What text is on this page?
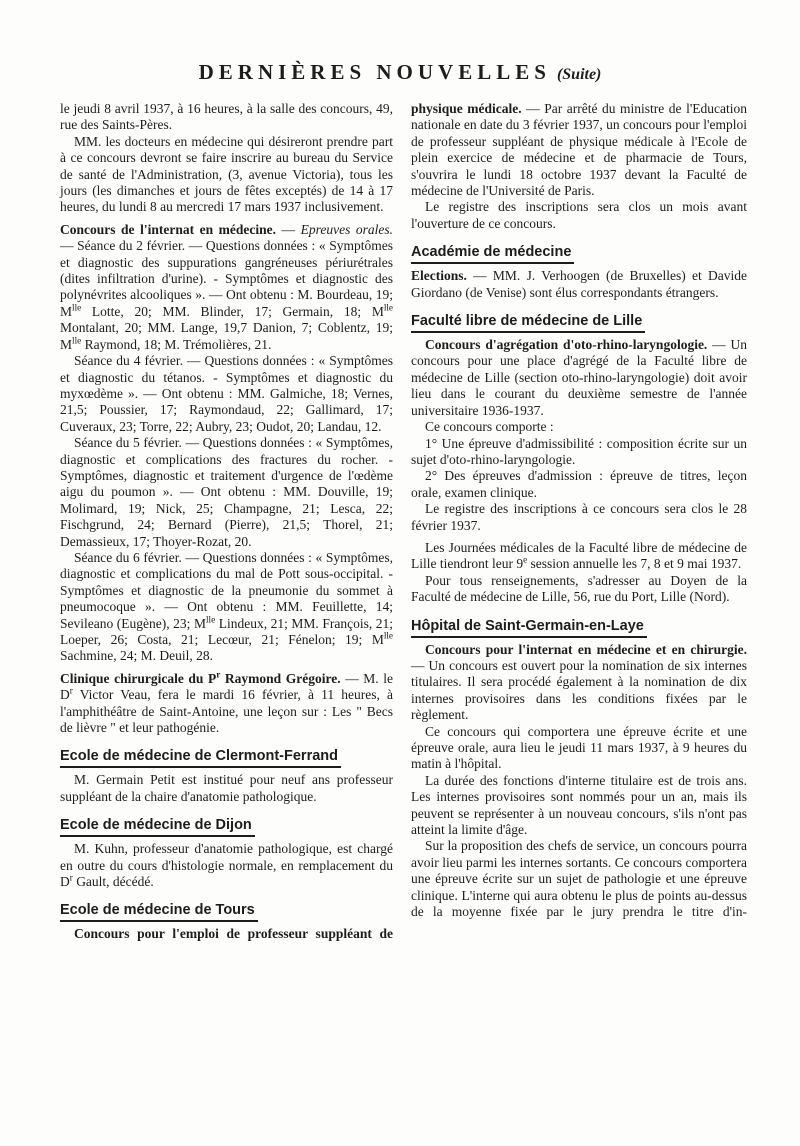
DERNIÈRES NOUVELLES (Suite)

le jeudi 8 avril 1937, à 16 heures, à la salle des concours, 49, rue des Saints-Pères.

MM. les docteurs en médecine qui désireront prendre part à ce concours devront se faire inscrire au bureau du Service de santé de l'Administration, (3, avenue Victoria), tous les jours (les dimanches et jours de fêtes exceptés) de 14 à 17 heures, du lundi 8 au mercredi 17 mars 1937 inclusivement.

Concours de l'internat en médecine. — Epreuves orales. — Séance du 2 février. — Questions données : « Symptômes et diagnostic des suppurations gangréneuses périurétrales (dites infiltration d'urine). - Symptômes et diagnostic des polynévrites alcooliques ». — Ont obtenu : M. Bourdeau, 19; $M^{lle}$ Lotte, 20; MM. Blinder, 17; Germain, 18; $M^{lle}$ Montalant, 20; MM. Lange, 19,7 Danion, 7; Coblentz, 19; $M^{lle}$ Raymond, 18; M. Trémolières, 21.

Séance du 4 février. — Questions données : « Symptômes et diagnostic du tétanos. - Symptômes et diagnostic du myxœdème ». — Ont obtenu : MM. Galmiche, 18; Vernes, 21,5; Poussier, 17; Raymondaud, 22; Gallimard, 17; Cuveraux, 23; Torre, 22; Aubry, 23; Oudot, 20; Landau, 12.

Séance du 5 février. — Questions données : « Symptômes, diagnostic et complications des fractures du rocher. - Symptômes, diagnostic et traitement d'urgence de l'œdème aigu du poumon ». — Ont obtenu : MM. Douville, 19; Molimard, 19; Nick, 25; Champagne, 21; Lesca, 22; Fischgrund, 24; Bernard (Pierre), 21,5; Thorel, 21; Demassieux, 17; Thoyer-Rozat, 20.

Séance du 6 février. — Questions données : « Symptômes, diagnostic et complications du mal de Pott sous-occipital. - Symptômes et diagnostic de la pneumonie du sommet à pneumocoque ». — Ont obtenu : MM. Feuillette, 14; Sevileano (Eugène), 23; $M^{lle}$ Lindeux, 21; MM. François, 21; Loeper, 26; Costa, 21; Lecœur, 21; Fénelon; 19; $M^{lle}$ Sachmine, 24; M. Deuil, 28.

Clinique chirurgicale du $P^r$ Raymond Grégoire. — M. le $D^r$ Victor Veau, fera le mardi 16 février, à 11 heures, à l'amphithéâtre de Saint-Antoine, une leçon sur : Les " Becs de lièvre " et leur pathogénie.

Ecole de médecine de Clermont-Ferrand

M. Germain Petit est institué pour neuf ans professeur suppléant de la chaire d'anatomie pathologique.

Ecole de médecine de Dijon

M. Kuhn, professeur d'anatomie pathologique, est chargé en outre du cours d'histologie normale, en remplacement du $D^r$ Gault, décédé.

Ecole de médecine de Tours

Concours pour l'emploi de professeur suppléant de

physique médicale. — Par arrêté du ministre de l'Education nationale en date du 3 février 1937, un concours pour l'emploi de professeur suppléant de physique médicale à l'Ecole de plein exercice de médecine et de pharmacie de Tours, s'ouvrira le lundi 18 octobre 1937 devant la Faculté de médecine de l'Université de Paris.

Le registre des inscriptions sera clos un mois avant l'ouverture de ce concours.

Académie de médecine

Elections. — MM. J. Verhoogen (de Bruxelles) et Davide Giordano (de Venise) sont élus correspondants étrangers.

Faculté libre de médecine de Lille

Concours d'agrégation d'oto-rhino-laryngologie. — Un concours pour une place d'agrégé de la Faculté libre de médecine de Lille (section oto-rhino-laryngologie) doit avoir lieu dans le courant du deuxième semestre de l'année universitaire 1936-1937.

Ce concours comporte :

1° Une épreuve d'admissibilité : composition écrite sur un sujet d'oto-rhino-laryngologie.

2° Des épreuves d'admission : épreuve de titres, leçon orale, examen clinique.

Le registre des inscriptions à ce concours sera clos le 28 février 1937.

Les Journées médicales de la Faculté libre de médecine de Lille tiendront leur 9e session annuelle les 7, 8 et 9 mai 1937.

Pour tous renseignements, s'adresser au Doyen de la Faculté de médecine de Lille, 56, rue du Port, Lille (Nord).

Hôpital de Saint-Germain-en-Laye

Concours pour l'internat en médecine et en chirurgie. — Un concours est ouvert pour la nomination de six internes titulaires. Il sera procédé également à la nomination de dix internes provisoires dans les conditions fixées par le règlement.

Ce concours qui comportera une épreuve écrite et une épreuve orale, aura lieu le jeudi 11 mars 1937, à 9 heures du matin à l'hôpital.

La durée des fonctions d'interne titulaire est de trois ans. Les internes provisoires sont nommés pour un an, mais ils peuvent se représenter à un nouveau concours, s'ils n'ont pas atteint la limite d'âge.

Sur la proposition des chefs de service, un concours pourra avoir lieu parmi les internes sortants. Ce concours comportera une épreuve écrite sur un sujet de pathologie et une épreuve clinique. L'interne qui aura obtenu le plus de points au-dessus de la moyenne fixée par le jury prendra le titre d'in-
